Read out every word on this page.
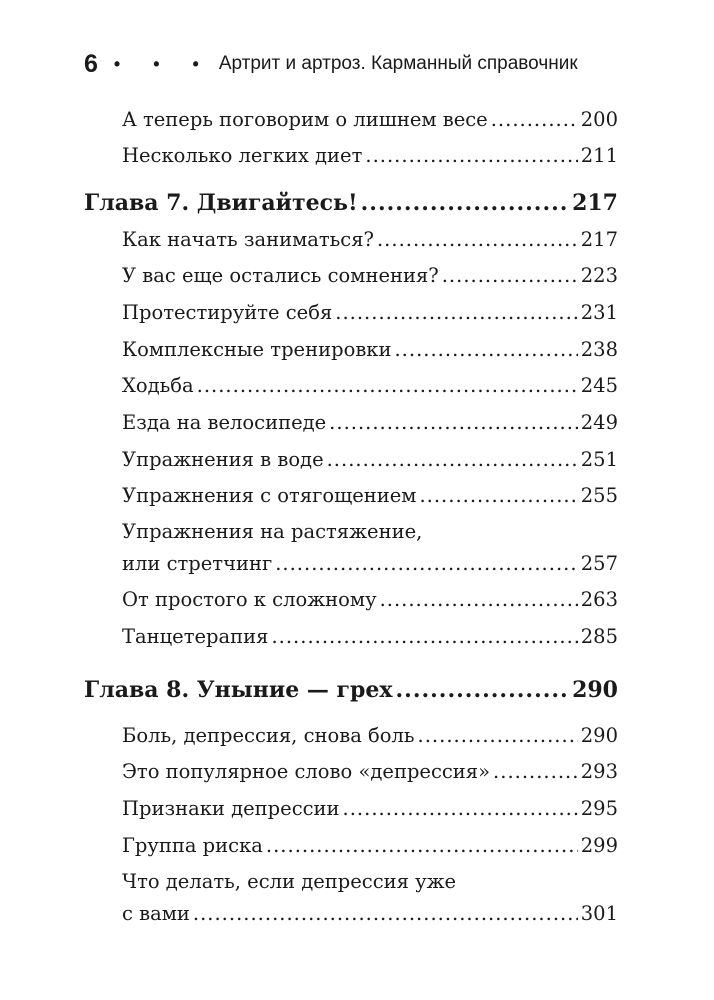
6 • • • Артрит и артроз. Карманный справочник
А теперь поговорим о лишнем весе .....	200
Несколько легких диет .....	211
Глава 7. Двигайтесь! .....	217
Как начать заниматься? .....	217
У вас еще остались сомнения? .....	223
Протестируйте себя .....	231
Комплексные тренировки .....	238
Ходьба .....	245
Езда на велосипеде .....	249
Упражнения в воде .....	251
Упражнения с отягощением .....	255
Упражнения на растяжение,
или стретчинг .....	257
От простого к сложному .....	263
Танцетерапия .....	285
Глава 8. Уныние — грех .....	290
Боль, депрессия, снова боль .....	290
Это популярное слово «депрессия» .....	293
Признаки депрессии .....	295
Группа риска .....	299
Что делать, если депрессия уже
с вами .....	301
